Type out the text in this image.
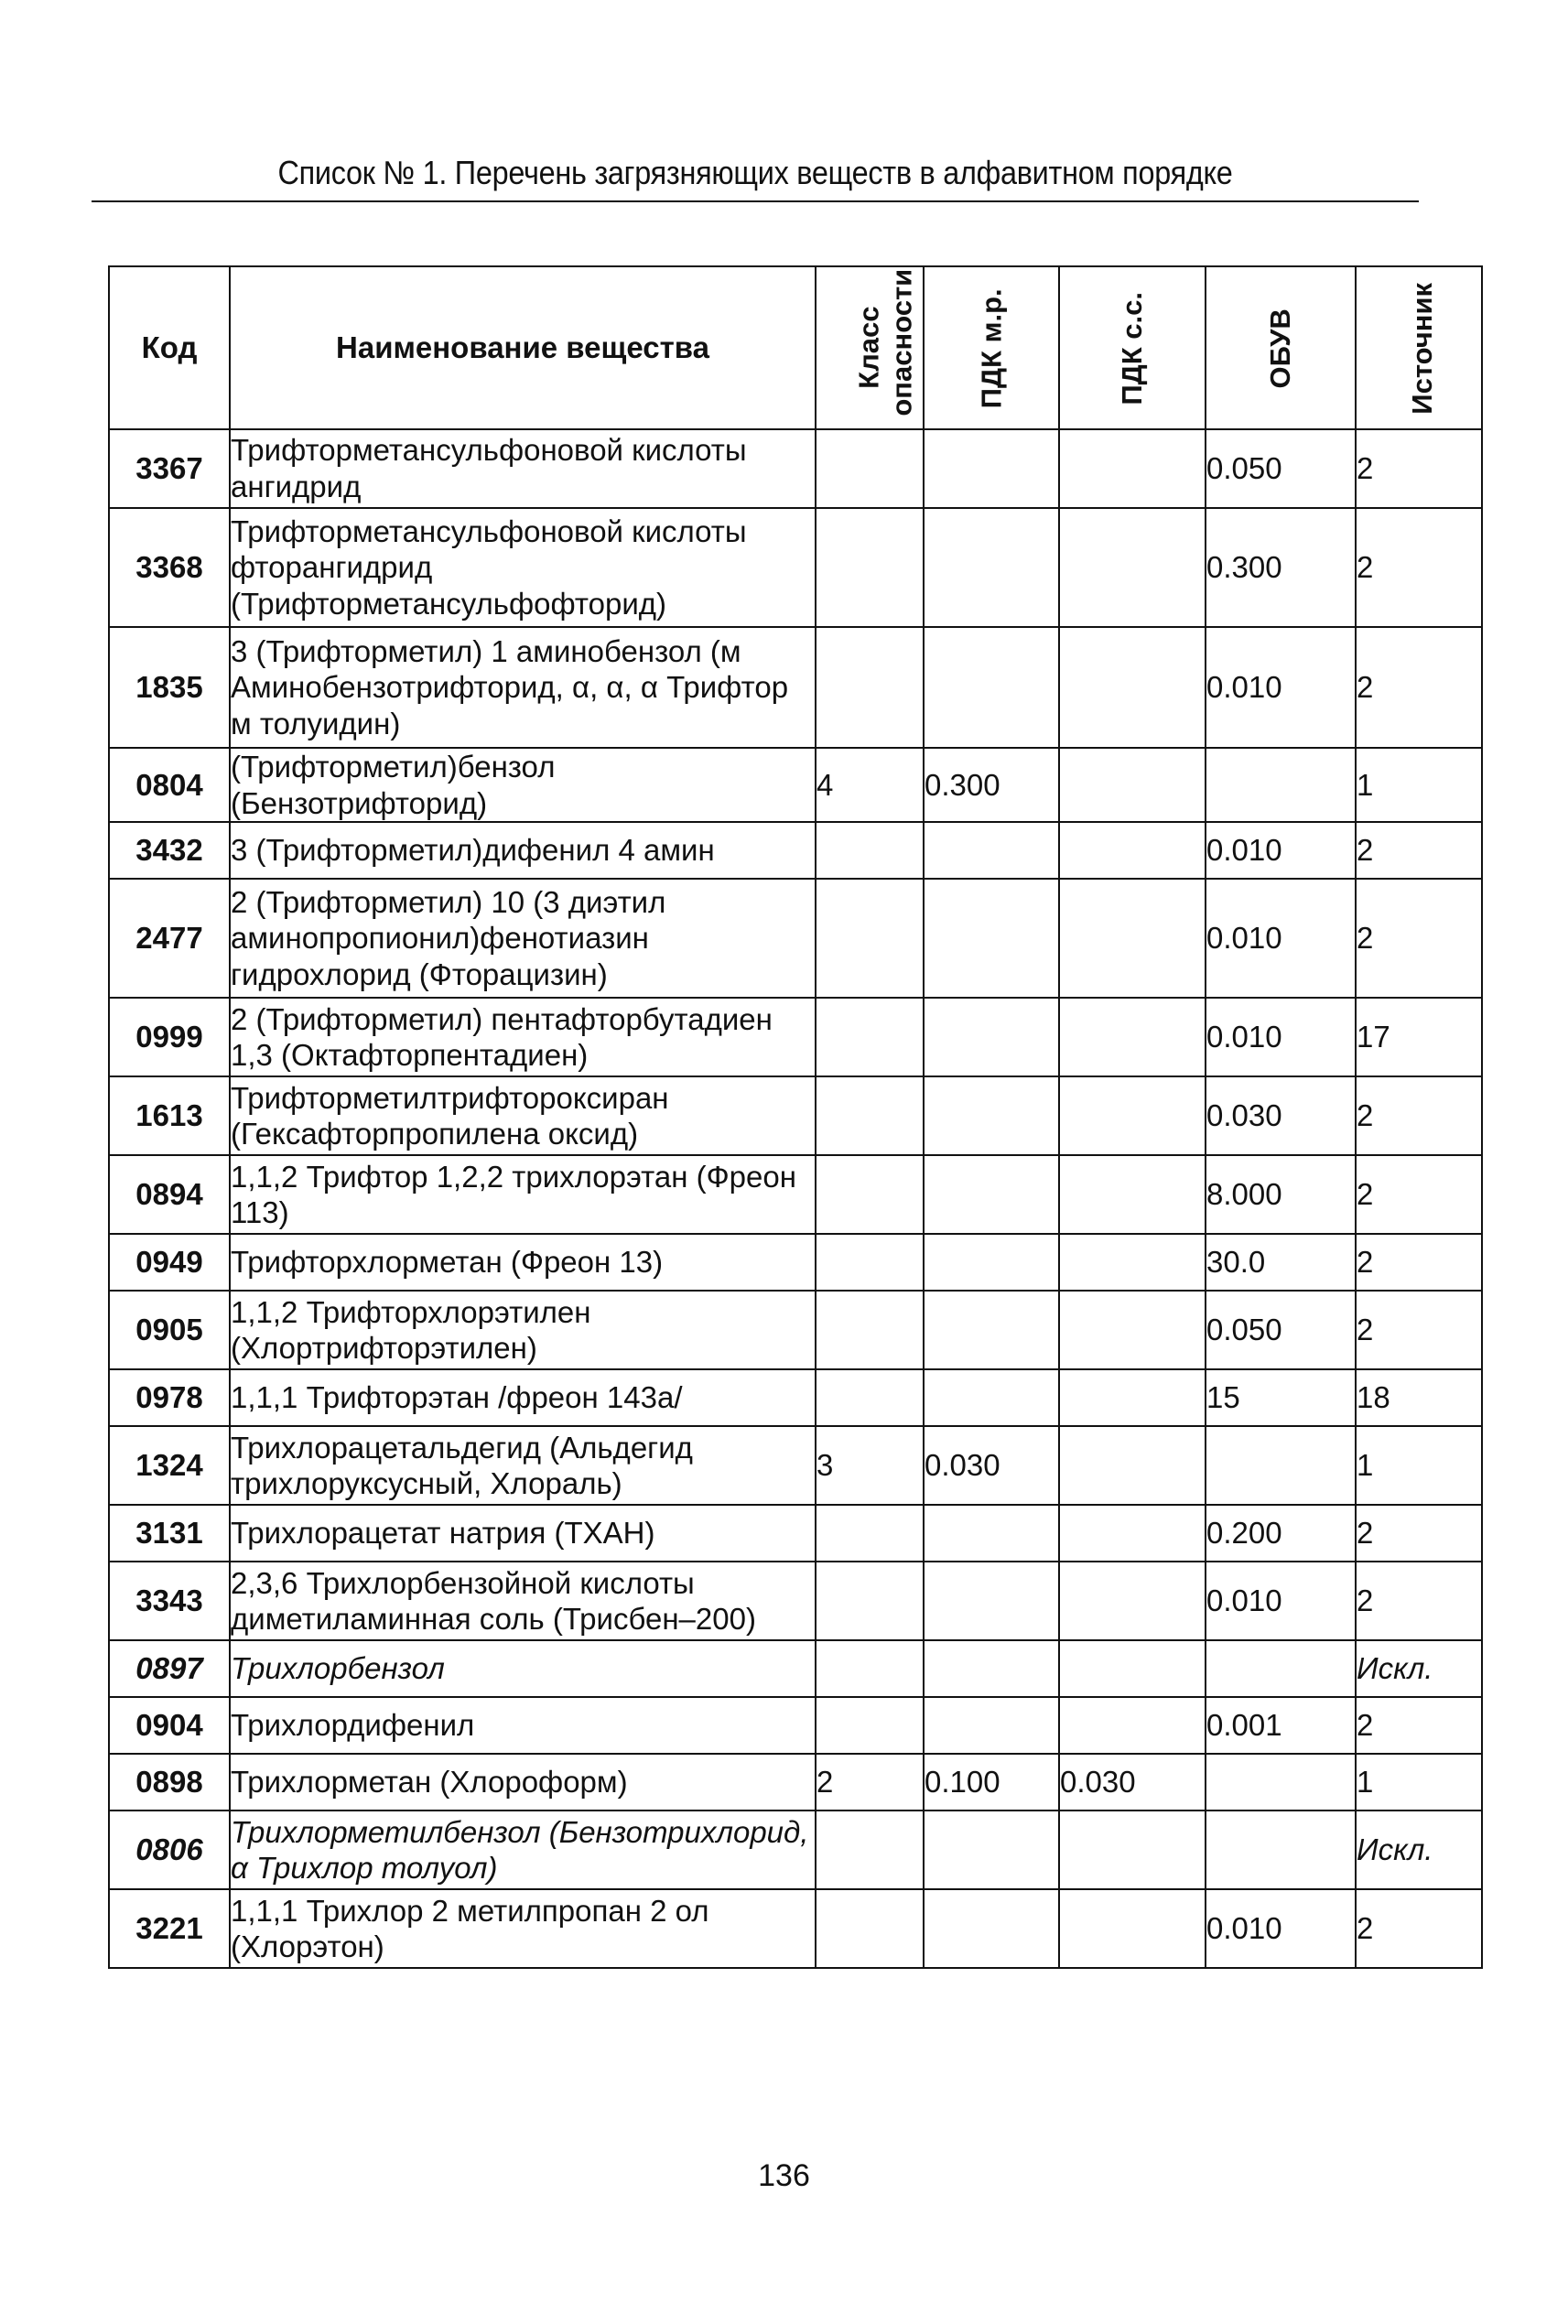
Список № 1. Перечень загрязняющих веществ в алфавитном порядке
Код	Наименование вещества	Класс опасности	ПДК м.р.	ПДК с.с.	ОБУВ	Источник
3367	Трифторметансульфоновой кислоты ангидрид				0.050	2
3368	Трифторметансульфоновой кислоты фторангидрид (Трифторметансульфофторид)				0.300	2
1835	3 (Трифторметил) 1 аминобензол (м Аминобензотрифторид, α, α, α Трифтор м толуидин)				0.010	2
0804	(Трифторметил)бензол (Бензотрифторид)	4	0.300			1
3432	3 (Трифторметил)дифенил 4 амин				0.010	2
2477	2 (Трифторметил) 10 (3 диэтил аминопропионил)фенотиазин гидрохлорид (Фторацизин)				0.010	2
0999	2 (Трифторметил) пентафторбутадиен 1,3 (Октафторпентадиен)				0.010	17
1613	Трифторметилтрифтороксиран (Гексафторпропилена оксид)				0.030	2
0894	1,1,2 Трифтор 1,2,2 трихлорэтан (Фреон 113)				8.000	2
0949	Трифторхлорметан (Фреон 13)				30.0	2
0905	1,1,2 Трифторхлорэтилен (Хлортрифторэтилен)				0.050	2
0978	1,1,1 Трифторэтан /фреон 143а/				15	18
1324	Трихлорацетальдегид (Альдегид трихлоруксусный, Хлораль)	3	0.030			1
3131	Трихлорацетат натрия (ТХАН)				0.200	2
3343	2,3,6 Трихлорбензойной кислоты диметиламинная соль (Трисбен–200)				0.010	2
0897	Трихлорбензол					Искл.
0904	Трихлордифенил				0.001	2
0898	Трихлорметан (Хлороформ)	2	0.100	0.030		1
0806	Трихлорметилбензол (Бензотрихлорид, α Трихлор толуол)					Искл.
3221	1,1,1 Трихлор 2 метилпропан 2 ол (Хлорэтон)				0.010	2
136
